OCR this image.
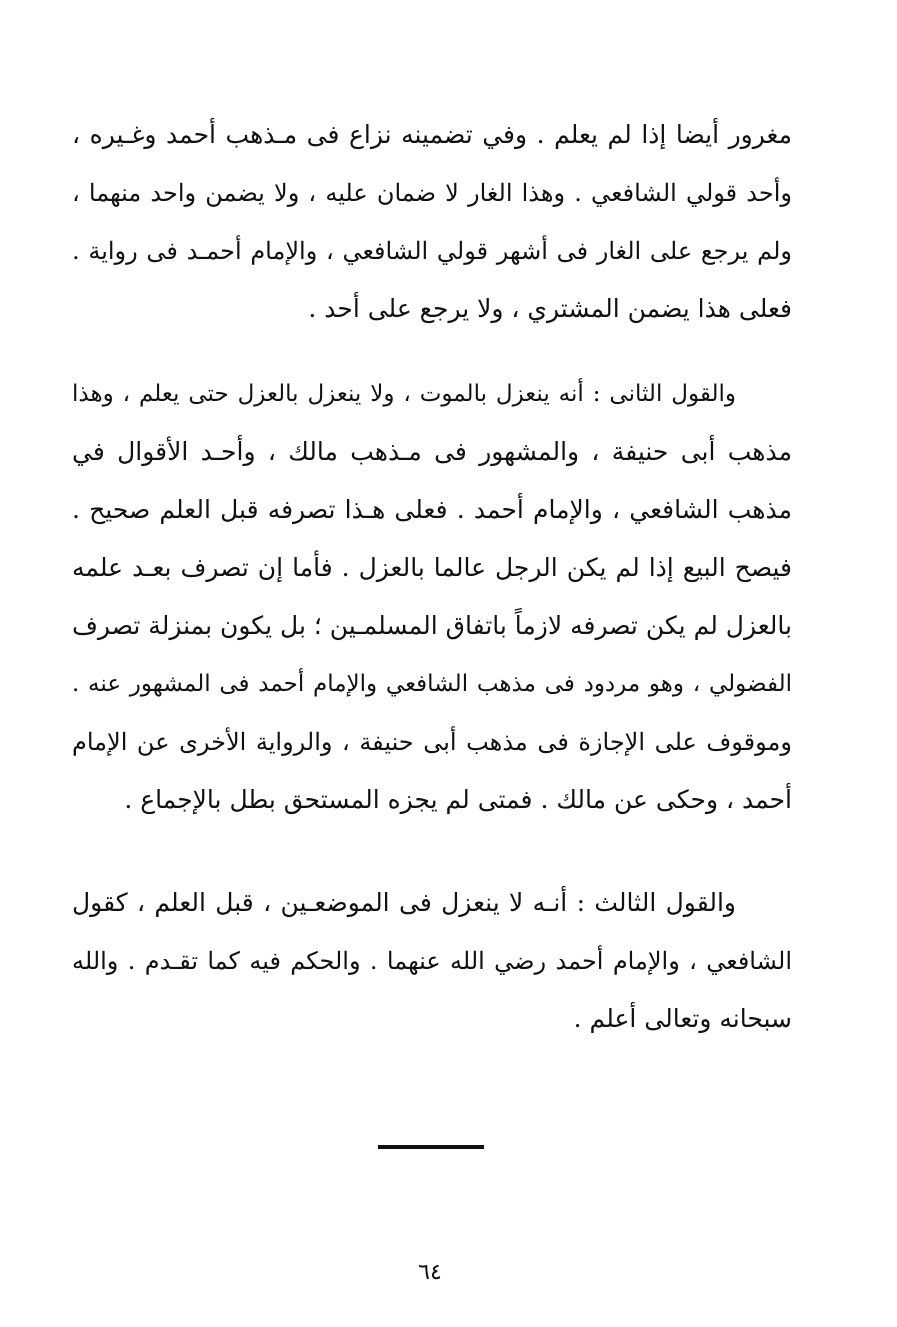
مغرور أيضا إذا لم يعلم . وفي تضمينه نزاع فى مـذهب أحمد وغـيره ،
وأحد قولي الشافعي . وهذا الغار لا ضمان عليه ، ولا يضمن واحد منهما ،
ولم يرجع على الغار فى أشهر قولي الشافعي ، والإمام أحمـد فى رواية .
فعلى هذا يضمن المشتري ، ولا يرجع على أحد .
والقول الثانى : أنه ينعزل بالموت ، ولا ينعزل بالعزل حتى يعلم ، وهذا
مذهب أبى حنيفة ، والمشهور فى مـذهب مالك ، وأحـد الأقوال في
مذهب الشافعي ، والإمام أحمد . فعلى هـذا تصرفه قبل العلم صحيح .
فيصح البيع إذا لم يكن الرجل عالما بالعزل . فأما إن تصرف بعـد علمه
بالعزل لم يكن تصرفه لازماً باتفاق المسلمـين ؛ بل يكون بمنزلة تصرف
الفضولي ، وهو مردود فى مذهب الشافعي والإمام أحمد فى المشهور عنه .
وموقوف على الإجازة فى مذهب أبى حنيفة ، والرواية الأخرى عن الإمام
أحمد ، وحكى عن مالك . فمتى لم يجزه المستحق بطل بالإجماع .
والقول الثالث : أنـه لا ينعزل فى الموضعـين ، قبل العلم ، كقول
الشافعي ، والإمام أحمد رضي الله عنهما . والحكم فيه كما تقـدم . والله
سبحانه وتعالى أعلم .
٦٤
